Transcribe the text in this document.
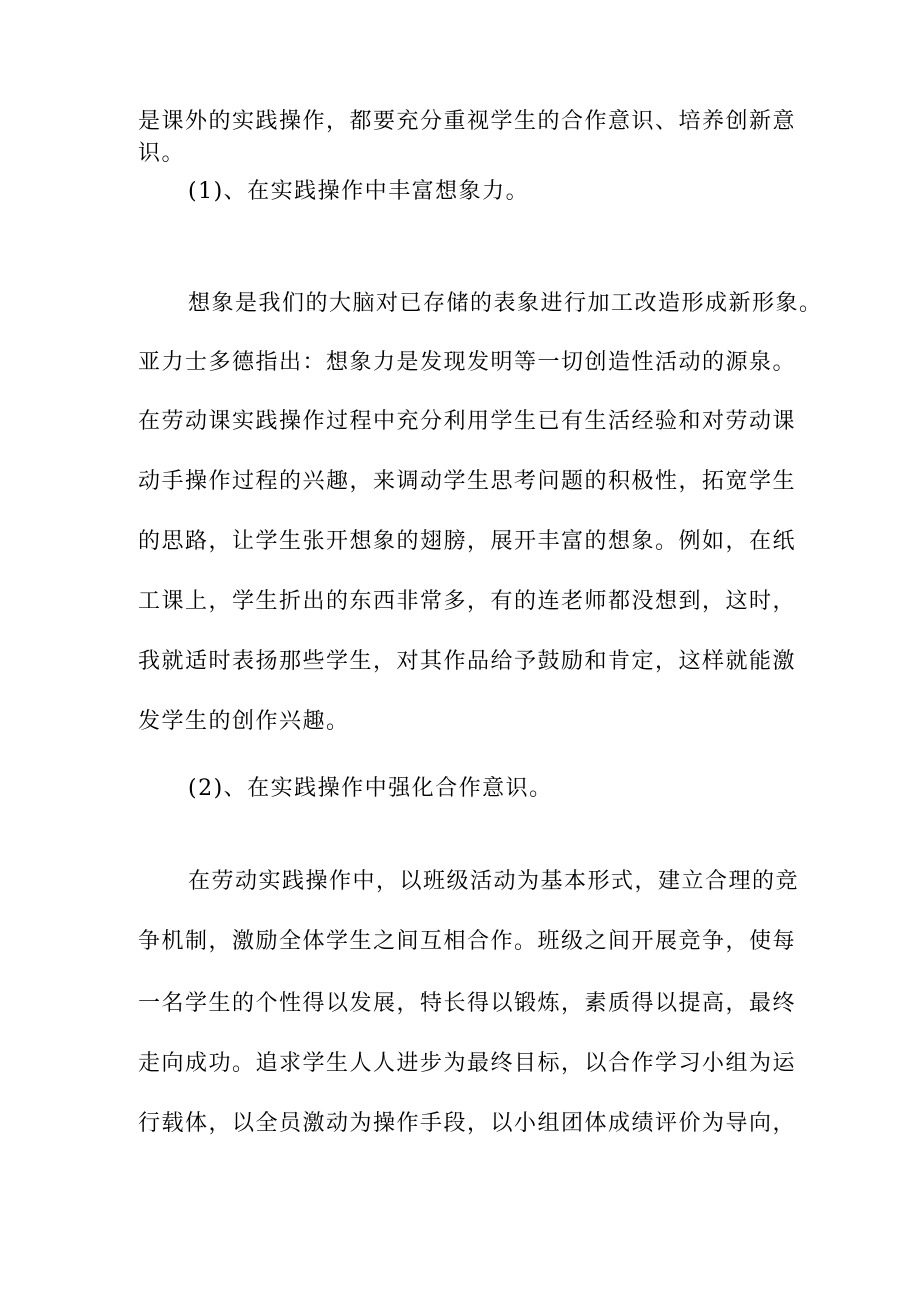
是课外的实践操作，都要充分重视学生的合作意识、培养创新意
识。
(1)、在实践操作中丰富想象力。
想象是我们的大脑对已存储的表象进行加工改造形成新形象。
亚力士多德指出：想象力是发现发明等一切创造性活动的源泉。
在劳动课实践操作过程中充分利用学生已有生活经验和对劳动课
动手操作过程的兴趣，来调动学生思考问题的积极性，拓宽学生
的思路，让学生张开想象的翅膀，展开丰富的想象。例如，在纸
工课上，学生折出的东西非常多，有的连老师都没想到，这时，
我就适时表扬那些学生，对其作品给予鼓励和肯定，这样就能激
发学生的创作兴趣。
(2)、在实践操作中强化合作意识。
在劳动实践操作中，以班级活动为基本形式，建立合理的竞
争机制，激励全体学生之间互相合作。班级之间开展竞争，使每
一名学生的个性得以发展，特长得以锻炼，素质得以提高，最终
走向成功。追求学生人人进步为最终目标，以合作学习小组为运
行载体，以全员激动为操作手段，以小组团体成绩评价为导向，
